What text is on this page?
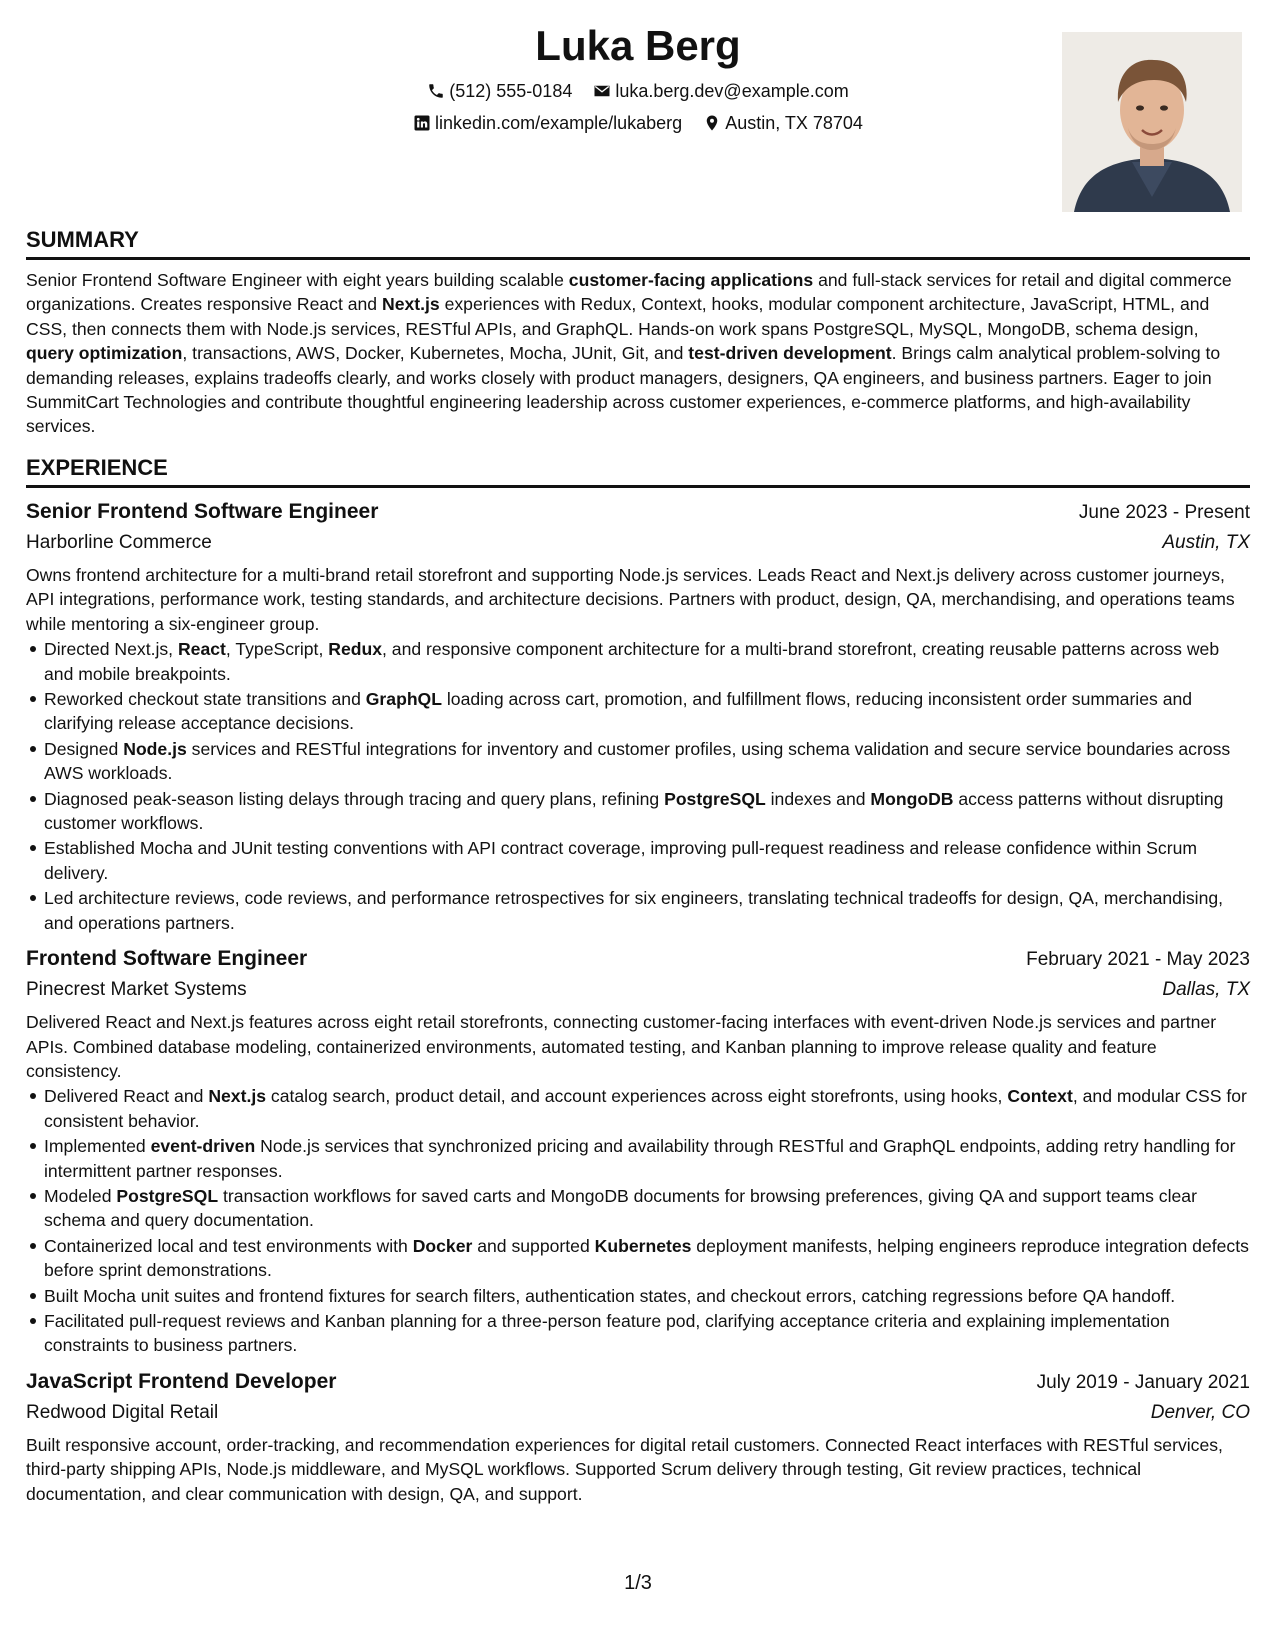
Luka Berg
(512) 555-0184
luka.berg.dev@example.com
linkedin.com/example/lukaberg
Austin, TX 78704
SUMMARY

Senior Frontend Software Engineer with eight years building scalable customer-facing applications and full-stack services for retail and digital commerce organizations. Creates responsive React and Next.js experiences with Redux, Context, hooks, modular component architecture, JavaScript, HTML, and CSS, then connects them with Node.js services, RESTful APIs, and GraphQL. Hands-on work spans PostgreSQL, MySQL, MongoDB, schema design, query optimization, transactions, AWS, Docker, Kubernetes, Mocha, JUnit, Git, and test-driven development. Brings calm analytical problem-solving to demanding releases, explains tradeoffs clearly, and works closely with product managers, designers, QA engineers, and business partners. Eager to join SummitCart Technologies and contribute thoughtful engineering leadership across customer experiences, e-commerce platforms, and high-availability services.

EXPERIENCE
Senior Frontend Software Engineer	June 2023 - Present
Harborline Commerce	Austin, TX

Owns frontend architecture for a multi-brand retail storefront and supporting Node.js services. Leads React and Next.js delivery across customer journeys, API integrations, performance work, testing standards, and architecture decisions. Partners with product, design, QA, merchandising, and operations teams while mentoring a six-engineer group.

Directed Next.js, React, TypeScript, Redux, and responsive component architecture for a multi-brand storefront, creating reusable patterns across web and mobile breakpoints.
Reworked checkout state transitions and GraphQL loading across cart, promotion, and fulfillment flows, reducing inconsistent order summaries and clarifying release acceptance decisions.
Designed Node.js services and RESTful integrations for inventory and customer profiles, using schema validation and secure service boundaries across AWS workloads.
Diagnosed peak-season listing delays through tracing and query plans, refining PostgreSQL indexes and MongoDB access patterns without disrupting customer workflows.
Established Mocha and JUnit testing conventions with API contract coverage, improving pull-request readiness and release confidence within Scrum delivery.
Led architecture reviews, code reviews, and performance retrospectives for six engineers, translating technical tradeoffs for design, QA, merchandising, and operations partners.
Frontend Software Engineer	February 2021 - May 2023
Pinecrest Market Systems	Dallas, TX

Delivered React and Next.js features across eight retail storefronts, connecting customer-facing interfaces with event-driven Node.js services and partner APIs. Combined database modeling, containerized environments, automated testing, and Kanban planning to improve release quality and feature consistency.

Delivered React and Next.js catalog search, product detail, and account experiences across eight storefronts, using hooks, Context, and modular CSS for consistent behavior.
Implemented event-driven Node.js services that synchronized pricing and availability through RESTful and GraphQL endpoints, adding retry handling for intermittent partner responses.
Modeled PostgreSQL transaction workflows for saved carts and MongoDB documents for browsing preferences, giving QA and support teams clear schema and query documentation.
Containerized local and test environments with Docker and supported Kubernetes deployment manifests, helping engineers reproduce integration defects before sprint demonstrations.
Built Mocha unit suites and frontend fixtures for search filters, authentication states, and checkout errors, catching regressions before QA handoff.
Facilitated pull-request reviews and Kanban planning for a three-person feature pod, clarifying acceptance criteria and explaining implementation constraints to business partners.
JavaScript Frontend Developer	July 2019 - January 2021
Redwood Digital Retail	Denver, CO

Built responsive account, order-tracking, and recommendation experiences for digital retail customers. Connected React interfaces with RESTful services, third-party shipping APIs, Node.js middleware, and MySQL workflows. Supported Scrum delivery through testing, Git review practices, technical documentation, and clear communication with design, QA, and support.

1/3
